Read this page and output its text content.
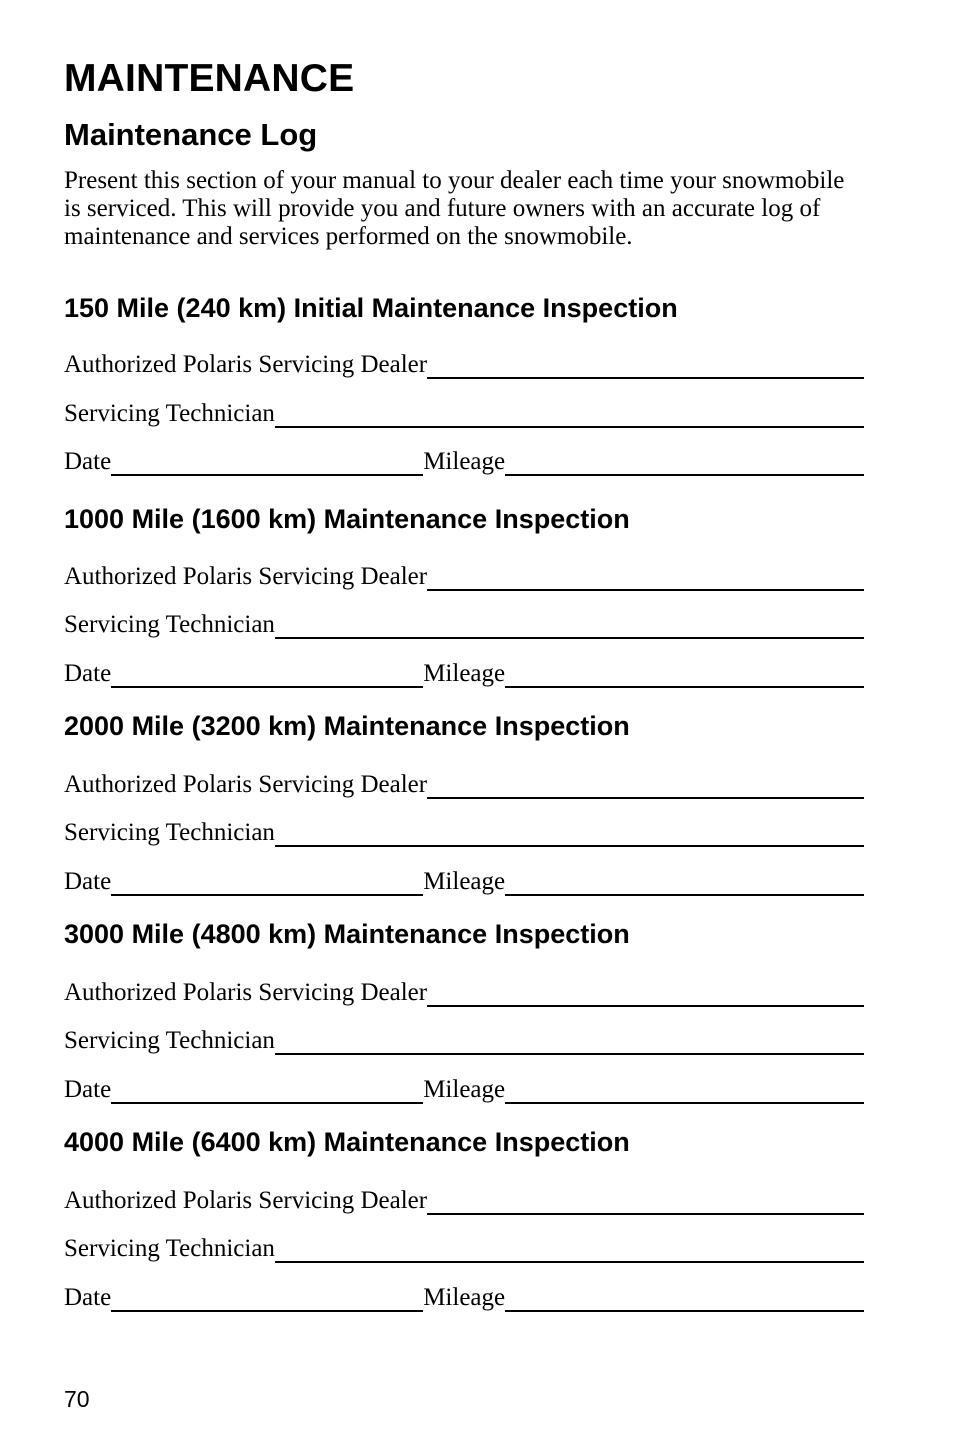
MAINTENANCE
Maintenance Log

Present this section of your manual to your dealer each time your snowmobile is serviced. This will provide you and future owners with an accurate log of maintenance and services performed on the snowmobile.

150 Mile (240 km) Initial Maintenance Inspection
Authorized Polaris Servicing Dealer
Servicing Technician
Date	Mileage
1000 Mile (1600 km) Maintenance Inspection
Authorized Polaris Servicing Dealer
Servicing Technician
Date	Mileage
2000 Mile (3200 km) Maintenance Inspection
Authorized Polaris Servicing Dealer
Servicing Technician
Date	Mileage
3000 Mile (4800 km) Maintenance Inspection
Authorized Polaris Servicing Dealer
Servicing Technician
Date	Mileage
4000 Mile (6400 km) Maintenance Inspection
Authorized Polaris Servicing Dealer
Servicing Technician
Date	Mileage

70
